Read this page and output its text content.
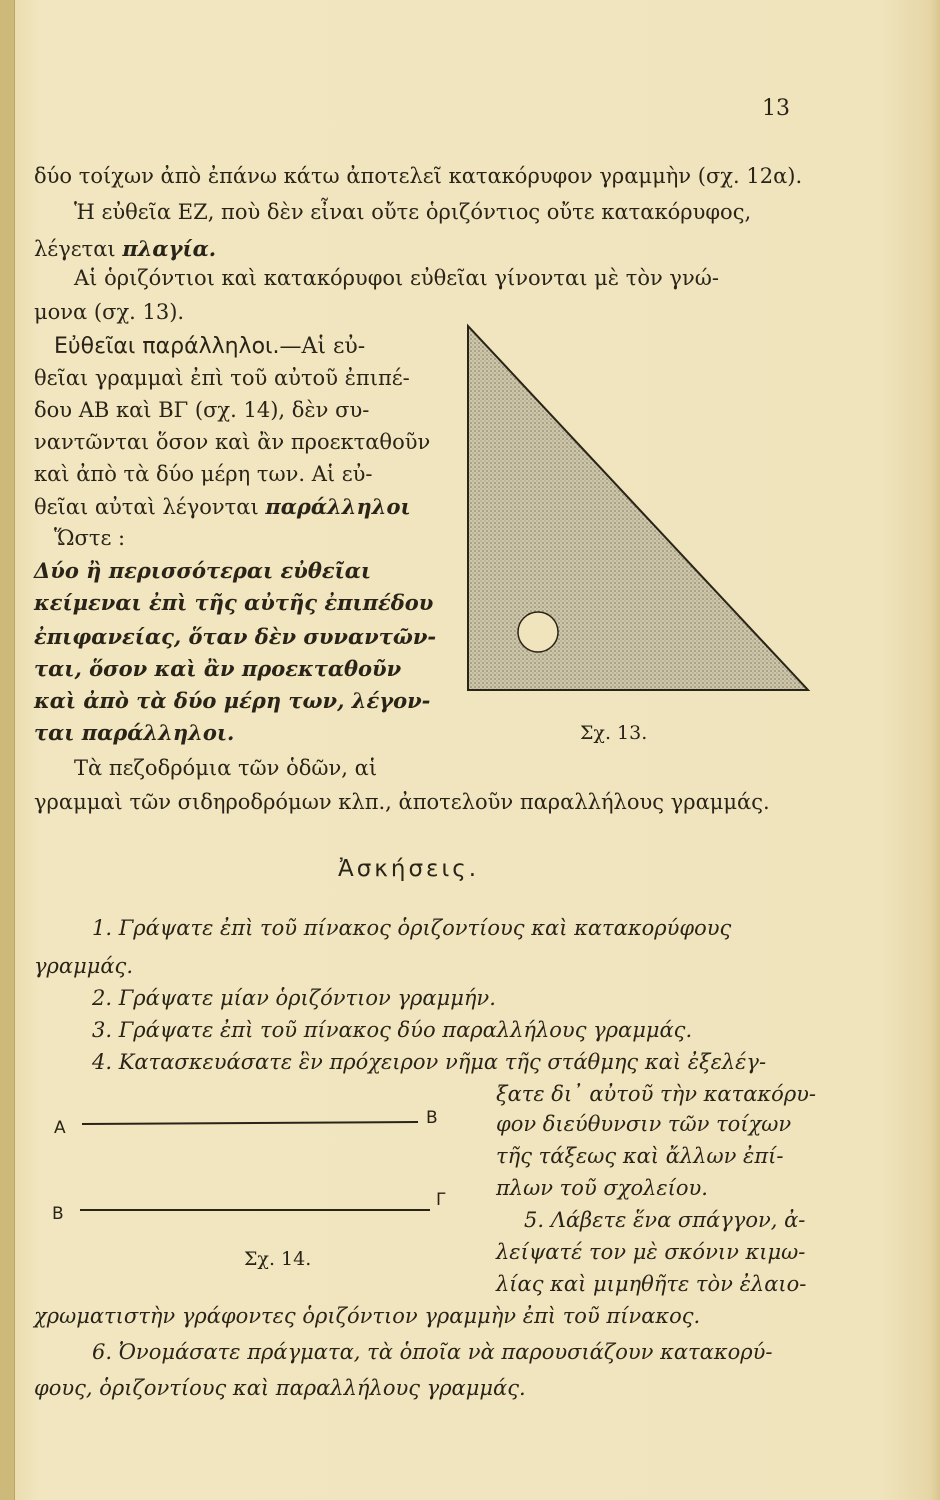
13
δύο τοίχων ἀπὸ ἐπάνω κάτω ἀποτελεῖ κατακόρυφον γραμμὴν (σχ. 12α).
Ἡ εὐθεῖα ΕΖ, ποὺ δὲν εἶναι οὔτε ὁριζόντιος οὔτε κατακόρυφος,
λέγεται πλαγία.
Αἱ ὁριζόντιοι καὶ κατακόρυφοι εὐθεῖαι γίνονται μὲ τὸν γνώ-
μονα (σχ. 13).
Εὐθεῖαι παράλληλοι.—Αἱ εὐ-
θεῖαι γραμμαὶ ἐπὶ τοῦ αὐτοῦ ἐπιπέ-
δου ΑΒ καὶ ΒΓ (σχ. 14), δὲν συ-
ναντῶνται ὅσον καὶ ἂν προεκταθοῦν
καὶ ἀπὸ τὰ δύο μέρη των. Αἱ εὐ-
θεῖαι αὐταὶ λέγονται παράλληλοι
Ὥστε :
Δύο ἢ περισσότεραι εὐθεῖαι
κείμεναι ἐπὶ τῆς αὐτῆς ἐπιπέδου
ἐπιφανείας, ὅταν δὲν συναντῶν-
ται, ὅσον καὶ ἂν προεκταθοῦν
καὶ ἀπὸ τὰ δύο μέρη των, λέγον-
ται παράλληλοι.	Σχ. 13.
Τὰ πεζοδρόμια τῶν ὁδῶν, αἱ
γραμμαὶ τῶν σιδηροδρόμων κλπ., ἀποτελοῦν παραλλήλους γραμμάς.
Ἀσκήσεις.
1. Γράψατε ἐπὶ τοῦ πίνακος ὁριζοντίους καὶ κατακορύφους
γραμμάς.
2. Γράψατε μίαν ὁριζόντιον γραμμήν.
3. Γράψατε ἐπὶ τοῦ πίνακος δύο παραλλήλους γραμμάς.
4. Κατασκευάσατε ἓν πρόχειρον νῆμα τῆς στάθμης καὶ ἐξελέγ-
ξατε δι᾽ αὐτοῦ τὴν κατακόρυ-
φον διεύθυνσιν τῶν τοίχων
τῆς τάξεως καὶ ἄλλων ἐπί-
πλων τοῦ σχολείου.
5. Λάβετε ἕνα σπάγγον, ἀ-
λείψατέ τον μὲ σκόνιν κιμω-
λίας καὶ μιμηθῆτε τὸν ἐλαιο-
χρωματιστὴν γράφοντες ὁριζόντιον γραμμὴν ἐπὶ τοῦ πίνακος.
6. Ὀνομάσατε πράγματα, τὰ ὁποῖα νὰ παρουσιάζουν κατακορύ-
φους, ὁριζοντίους καὶ παραλλήλους γραμμάς.
Α	Β
Β
Γ
Σχ. 14.
